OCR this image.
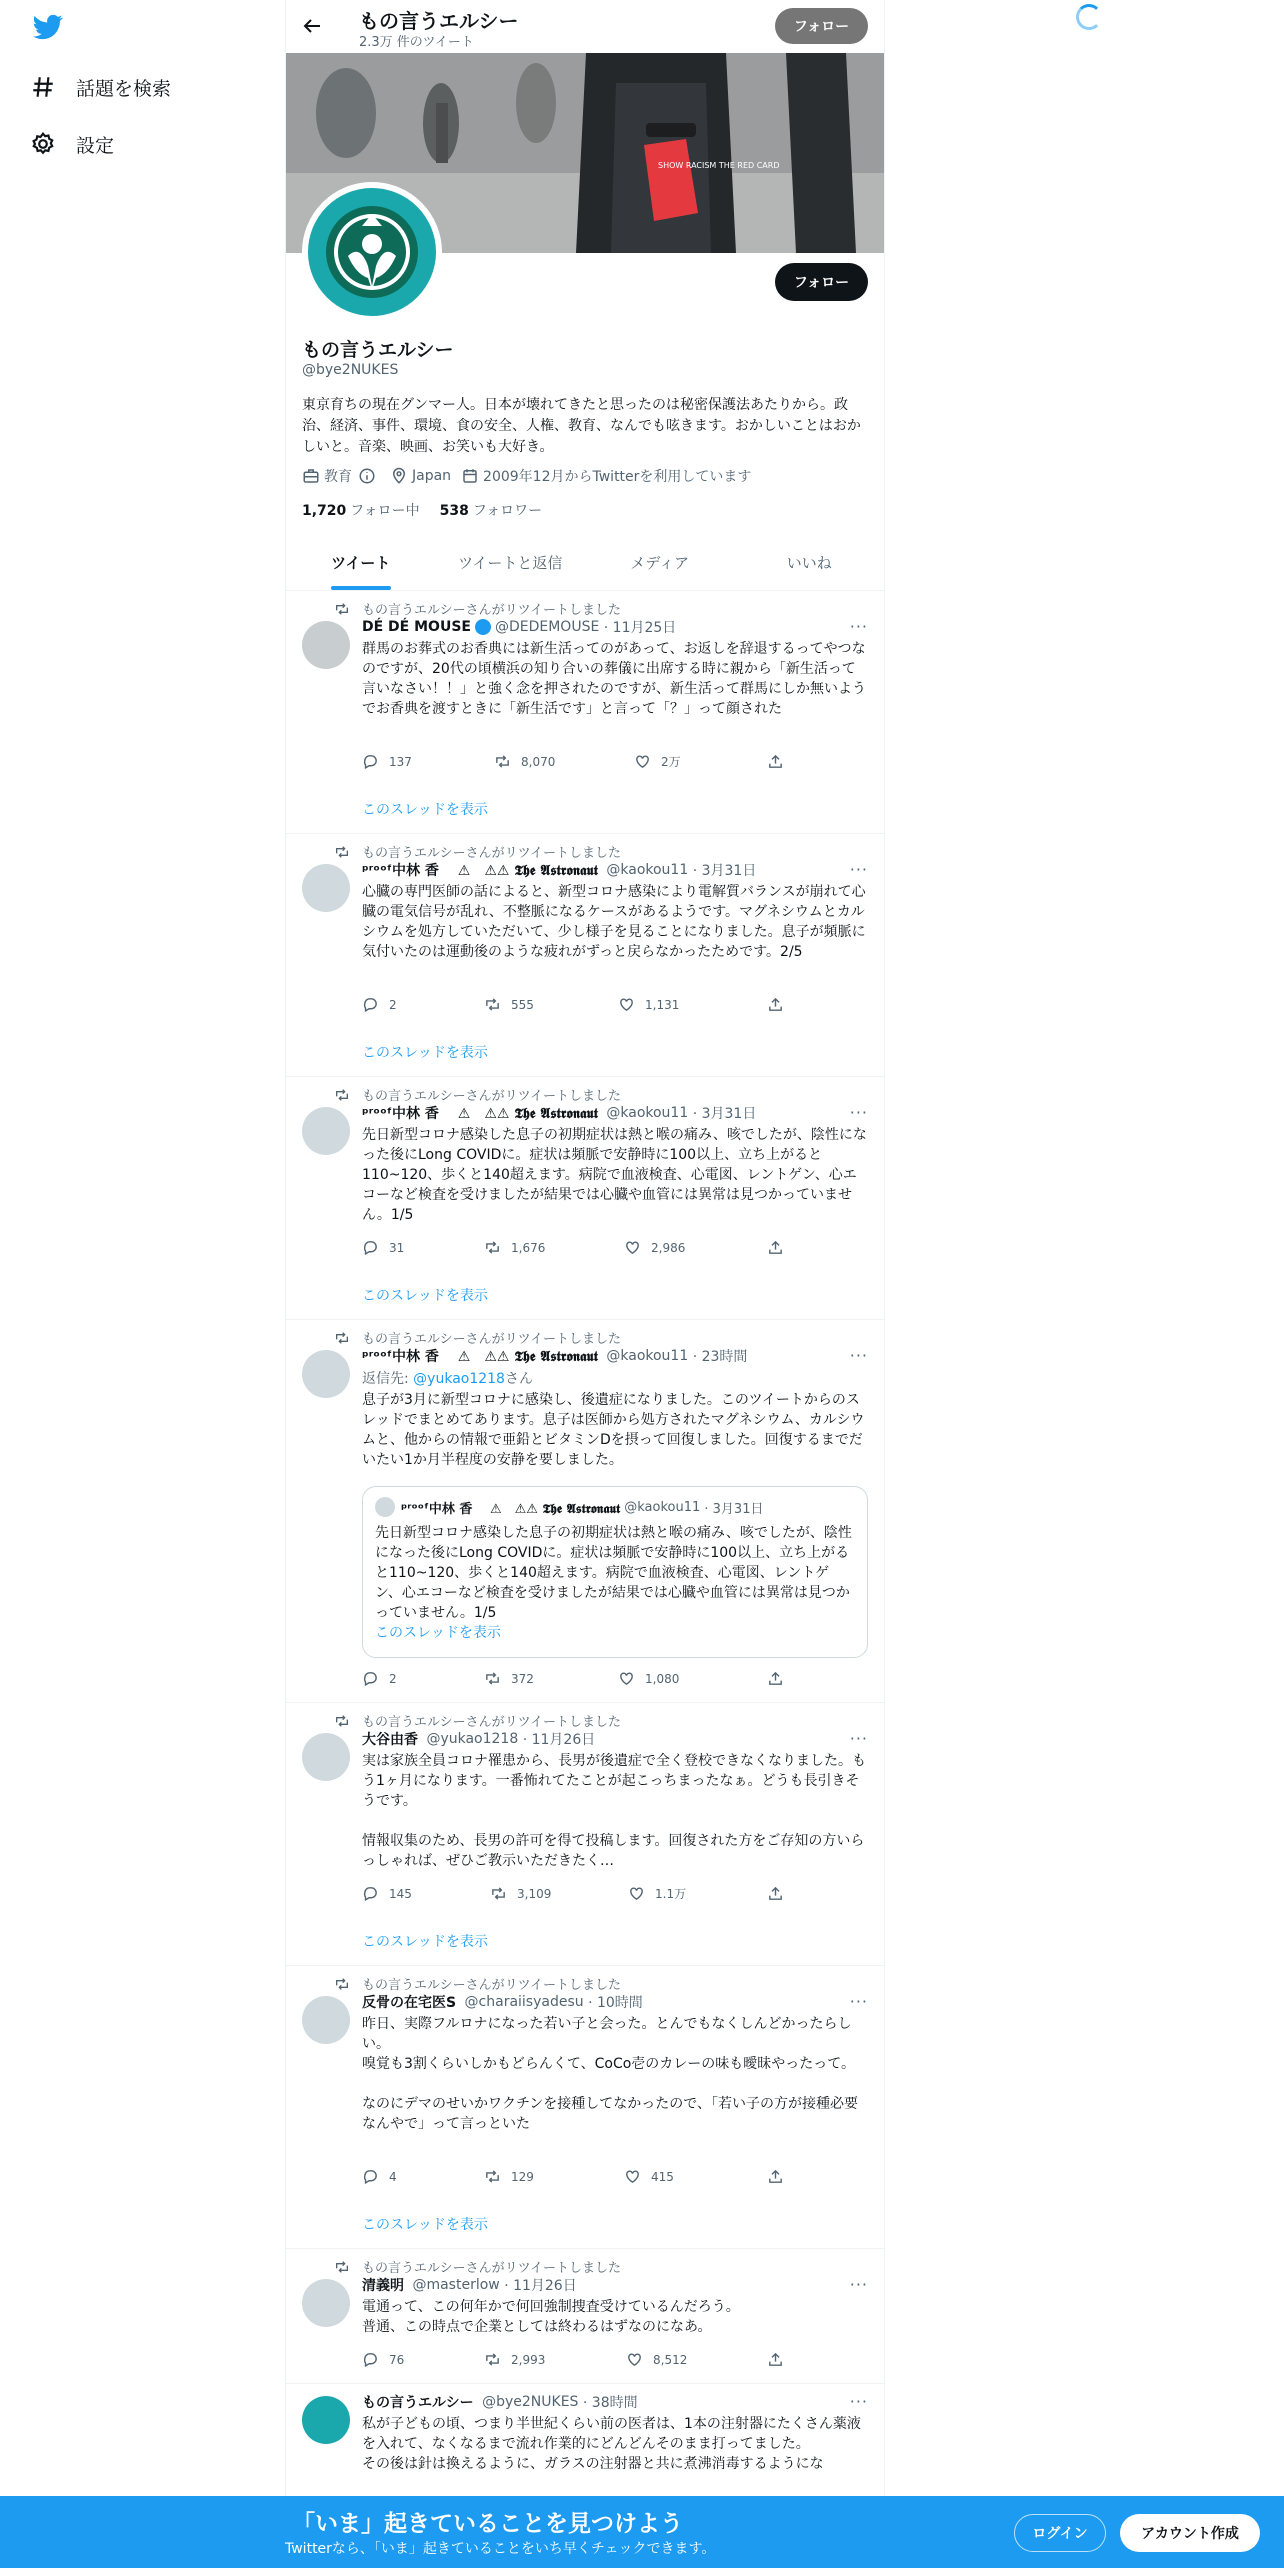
話題を検索
設定
もの言うエルシー
2.3万 件のツイート
フォロー
SHOW RACISM THE RED CARD
フォロー
もの言うエルシー
@bye2NUKES
東京育ちの現在グンマー人。日本が壊れてきたと思ったのは秘密保護法あたりから。政治、経済、事件、環境、食の安全、人権、教育、なんでも呟きます。おかしいことはおかしいと。音楽、映画、お笑いも大好き。
教育	Japan 2009年12月からTwitterを利用しています
1,720 フォロー中 538 フォロワー
ツイート	ツイートと返信	メディア	いいね
もの言うエルシーさんがリツイートしました
DÉ DÉ MOUSE @DEDEMOUSE
· 11月25日	···
群馬のお葬式のお香典には新生活ってのがあって、お返しを辞退するってやつなのですが、20代の頃横浜の知り合いの葬儀に出席する時に親から「新生活って言いなさい！！」と強く念を押されたのですが、新生活って群馬にしか無いようでお香典を渡すときに「新生活です」と言って「？」って顔された
137	8,070	2万
このスレッドを表示
もの言うエルシーさんがリツイートしました
ᵖʳᵒᵒᶠ中林 香　 ⚠︎　⚠︎⚠︎ 𝕿𝖍𝖊 𝕬𝖘𝖙𝖗𝖔𝖓𝖆𝖚𝖙
@kaokou11
· 3月31日	···
心臓の専門医師の話によると、新型コロナ感染により電解質バランスが崩れて心臓の電気信号が乱れ、不整脈になるケースがあるようです。マグネシウムとカルシウムを処方していただいて、少し様子を見ることになりました。息子が頻脈に気付いたのは運動後のような疲れがずっと戻らなかったためです。2/5
2	555	1,131
このスレッドを表示
もの言うエルシーさんがリツイートしました
ᵖʳᵒᵒᶠ中林 香　 ⚠︎　⚠︎⚠︎ 𝕿𝖍𝖊 𝕬𝖘𝖙𝖗𝖔𝖓𝖆𝖚𝖙
@kaokou11
· 3月31日	···
先日新型コロナ感染した息子の初期症状は熱と喉の痛み、咳でしたが、陰性になった後にLong COVIDに。症状は頻脈で安静時に100以上、立ち上がると110~120、歩くと140超えます。病院で血液検査、心電図、レントゲン、心エコーなど検査を受けましたが結果では心臓や血管には異常は見つかっていません。1/5
31	1,676	2,986
このスレッドを表示
もの言うエルシーさんがリツイートしました
ᵖʳᵒᵒᶠ中林 香　 ⚠︎　⚠︎⚠︎ 𝕿𝖍𝖊 𝕬𝖘𝖙𝖗𝖔𝖓𝖆𝖚𝖙
@kaokou11
· 23時間	···
返信先: @yukao1218さん
息子が3月に新型コロナに感染し、後遺症になりました。このツイートからのスレッドでまとめてあります。息子は医師から処方されたマグネシウム、カルシウムと、他からの情報で亜鉛とビタミンDを摂って回復しました。回復するまでだいたい1か月半程度の安静を要しました。
ᵖʳᵒᵒᶠ中林 香　 ⚠︎　⚠︎⚠︎ 𝕿𝖍𝖊 𝕬𝖘𝖙𝖗𝖔𝖓𝖆𝖚𝖙
@kaokou11
· 3月31日
先日新型コロナ感染した息子の初期症状は熱と喉の痛み、咳でしたが、陰性になった後にLong COVIDに。症状は頻脈で安静時に100以上、立ち上がると110~120、歩くと140超えます。病院で血液検査、心電図、レントゲン、心エコーなど検査を受けましたが結果では心臓や血管には異常は見つかっていません。1/5
このスレッドを表示
2	372	1,080
もの言うエルシーさんがリツイートしました
大谷由香
@yukao1218
· 11月26日	···
実は家族全員コロナ罹患から、長男が後遺症で全く登校できなくなりました。もう1ヶ月になります。一番怖れてたことが起こっちまったなぁ。どうも長引きそうです。

情報収集のため、長男の許可を得て投稿します。回復された方をご存知の方いらっしゃれば、ぜひご教示いただきたく…
145	3,109	1.1万
このスレッドを表示
もの言うエルシーさんがリツイートしました
反骨の在宅医S
@charaiisyadesu
· 10時間	···
昨日、実際フルロナになった若い子と会った。とんでもなくしんどかったらしい。
嗅覚も3割くらいしかもどらんくて、CoCo壱のカレーの味も曖昧やったって。

なのにデマのせいかワクチンを接種してなかったので、「若い子の方が接種必要なんやで」って言っといた
4	129	415
このスレッドを表示
もの言うエルシーさんがリツイートしました
清義明
@masterlow
· 11月26日	···
電通って、この何年かで何回強制捜査受けているんだろう。
普通、この時点で企業としては終わるはずなのになあ。
76	2,993	8,512
もの言うエルシー
@bye2NUKES
· 38時間	···
私が子どもの頃、つまり半世紀くらい前の医者は、1本の注射器にたくさん薬液を入れて、なくなるまで流れ作業的にどんどんそのまま打ってました。
その後は針は換えるように、ガラスの注射器と共に煮沸消毒するようにな
「いま」起きていることを見つけよう
Twitterなら、「いま」起きていることをいち早くチェックできます。
ログイン	アカウント作成
